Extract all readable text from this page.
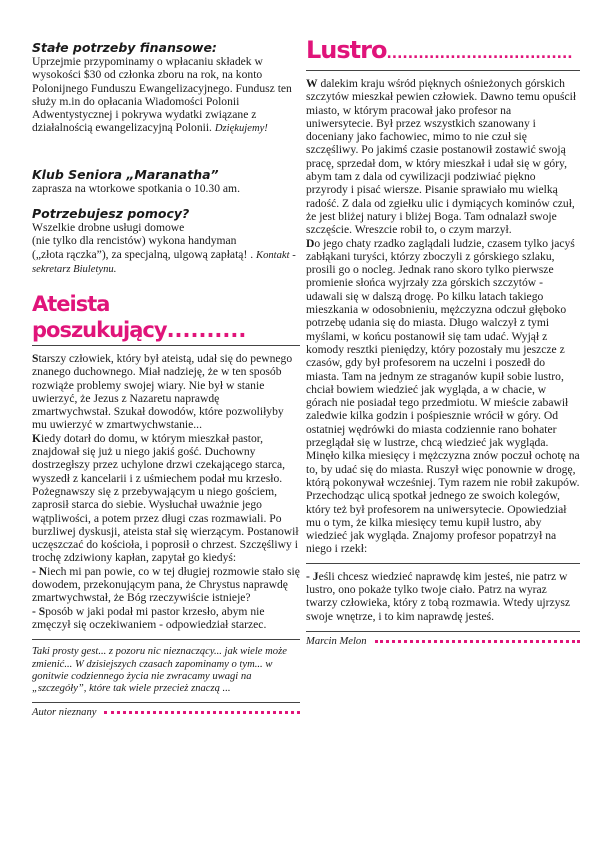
Stałe potrzeby finansowe:

Uprzejmie przypominamy o wpłacaniu składek w wysokości $30 od członka zboru na rok, na konto Polonijnego Funduszu Ewangelizacyjnego. Fundusz ten służy m.in do opłacania Wiadomości Polonii Adwentystycznej i pokrywa wydatki związane z działalnością ewangelizacyjną Polonii. Dziękujemy!

Klub Seniora „Maranatha”

zaprasza na wtorkowe spotkania o 10.30 am.

Potrzebujesz pomocy?

Wszelkie drobne usługi domowe

(nie tylko dla rencistów) wykona handyman

(„złota rączka”), za specjalną, ulgową zapłatą! . Kontakt - sekretarz Biuletynu.

Ateista poszukujący..........

Starszy człowiek, który był ateistą, udał się do pewnego znanego duchownego. Miał nadzieję, że w ten sposób rozwiąże problemy swojej wiary. Nie był w stanie uwierzyć, że Jezus z Nazaretu naprawdę zmartwychwstał. Szukał dowodów, które pozwoliłyby mu uwierzyć w zmartwychwstanie...

Kiedy dotarł do domu, w którym mieszkał pastor, znajdował się już u niego jakiś gość. Duchowny dostrzegłszy przez uchylone drzwi czekającego starca, wyszedł z kancelarii i z uśmiechem podał mu krzesło. Pożegnawszy się z przebywającym u niego gościem, zaprosił starca do siebie. Wysłuchał uważnie jego wątpliwości, a potem przez długi czas rozmawiali. Po burzliwej dyskusji, ateista stał się wierzącym. Postanowił uczęszczać do kościoła, i poprosił o chrzest. Szczęśliwy i trochę zdziwiony kapłan, zapytał go kiedyś:

- Niech mi pan powie, co w tej długiej rozmowie stało się dowodem, przekonującym pana, że Chrystus naprawdę zmartwychwstał, że Bóg rzeczywiście istnieje?

- Sposób w jaki podał mi pastor krzesło, abym nie zmęczył się oczekiwaniem - odpowiedział starzec.

Taki prosty gest... z pozoru nic nieznaczący... jak wiele może zmienić... W dzisiejszych czasach zapominamy o tym... w gonitwie codziennego życia nie zwracamy uwagi na „szczegóły”, które tak wiele przecież znaczą ...

Autor nieznany
Lustro...................................

W dalekim kraju wśród pięknych ośnieżonych górskich szczytów mieszkał pewien człowiek. Dawno temu opuścił miasto, w którym pracował jako profesor na uniwersytecie. Był przez wszystkich szanowany i doceniany jako fachowiec, mimo to nie czuł się szczęśliwy. Po jakimś czasie postanowił zostawić swoją pracę, sprzedał dom, w który mieszkał i udał się w góry, abym tam z dala od cywilizacji podziwiać piękno przyrody i pisać wiersze. Pisanie sprawiało mu wielką radość. Z dala od zgiełku ulic i dymiących kominów czuł, że jest bliżej natury i bliżej Boga. Tam odnalazł swoje szczęście. Wreszcie robił to, o czym marzył.

Do jego chaty rzadko zaglądali ludzie, czasem tylko jacyś zabłąkani turyści, którzy zboczyli z górskiego szlaku, prosili go o nocleg. Jednak rano skoro tylko pierwsze promienie słońca wyjrzały zza górskich szczytów - udawali się w dalszą drogę. Po kilku latach takiego mieszkania w odosobnieniu, mężczyzna odczuł głęboko potrzebę udania się do miasta. Długo walczył z tymi myślami, w końcu postanowił się tam udać. Wyjął z komody resztki pieniędzy, który pozostały mu jeszcze z czasów, gdy był profesorem na uczelni i poszedł do miasta. Tam na jednym ze straganów kupił sobie lustro, chciał bowiem wiedzieć jak wygląda, a w chacie, w górach nie posiadał tego przedmiotu. W mieście zabawił zaledwie kilka godzin i pośpiesznie wrócił w góry. Od ostatniej wędrówki do miasta codziennie rano bohater przeglądał się w lustrze, chcą wiedzieć jak wygląda. Minęło kilka miesięcy i mężczyzna znów poczuł ochotę na to, by udać się do miasta. Ruszył więc ponownie w drogę, którą pokonywał wcześniej. Tym razem nie robił zakupów. Przechodząc ulicą spotkał jednego ze swoich kolegów, który też był profesorem na uniwersytecie. Opowiedział mu o tym, że kilka miesięcy temu kupił lustro, aby wiedzieć jak wygląda. Znajomy profesor popatrzył na niego i rzekł:

- Jeśli chcesz wiedzieć naprawdę kim jesteś, nie patrz w lustro, ono pokaże tylko twoje ciało. Patrz na wyraz twarzy człowieka, który z tobą rozmawia. Wtedy ujrzysz swoje wnętrze, i to kim naprawdę jesteś.

Marcin Melon
